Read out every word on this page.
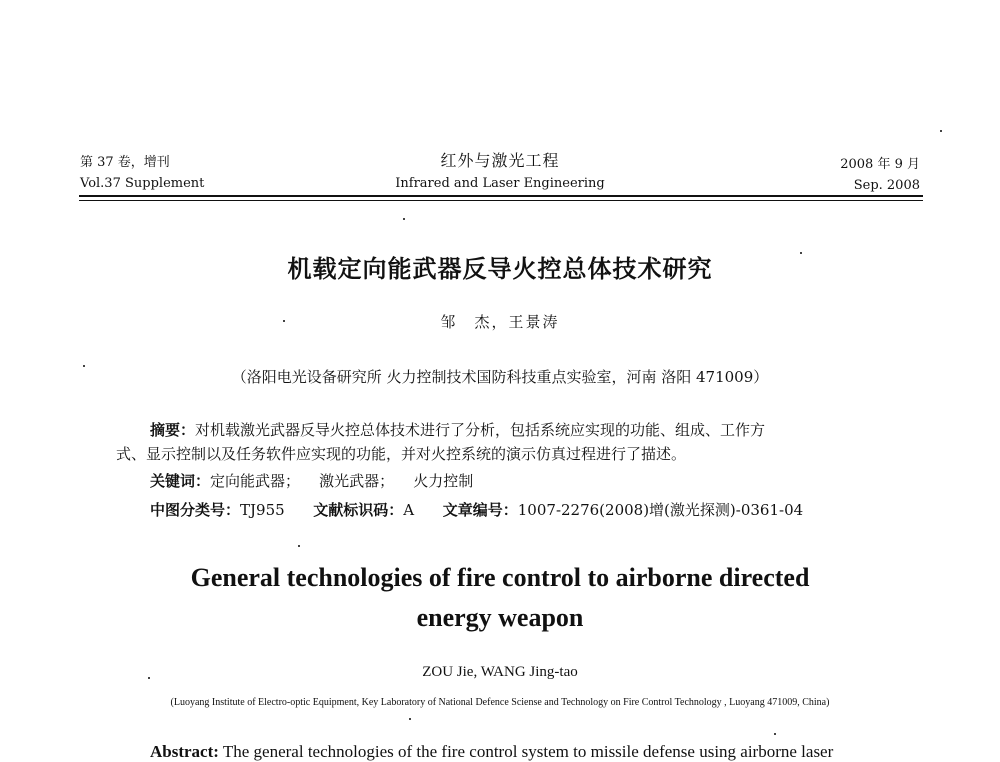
第 37 卷，增刊
Vol.37 Supplement
红外与激光工程
Infrared and Laser Engineering
2008 年 9 月
Sep. 2008
机载定向能武器反导火控总体技术研究
邹　杰，王景涛
（洛阳电光设备研究所 火力控制技术国防科技重点实验室，河南 洛阳 471009）
摘要：对机载激光武器反导火控总体技术进行了分析，包括系统应实现的功能、组成、工作方
式、显示控制以及任务软件应实现的功能，并对火控系统的演示仿真过程进行了描述。
关键词：定向能武器； 激光武器； 火力控制
中图分类号：TJ955 文献标识码：A 文章编号：1007-2276(2008)增(激光探测)-0361-04
General technologies of fire control to airborne directed
energy weapon
ZOU Jie, WANG Jing-tao
(Luoyang Institute of Electro-optic Equipment, Key Laboratory of National Defence Sciense and Technology on Fire Control Technology , Luoyang 471009, China)
Abstract: The general technologies of the fire control system to missile defense using airborne laser
